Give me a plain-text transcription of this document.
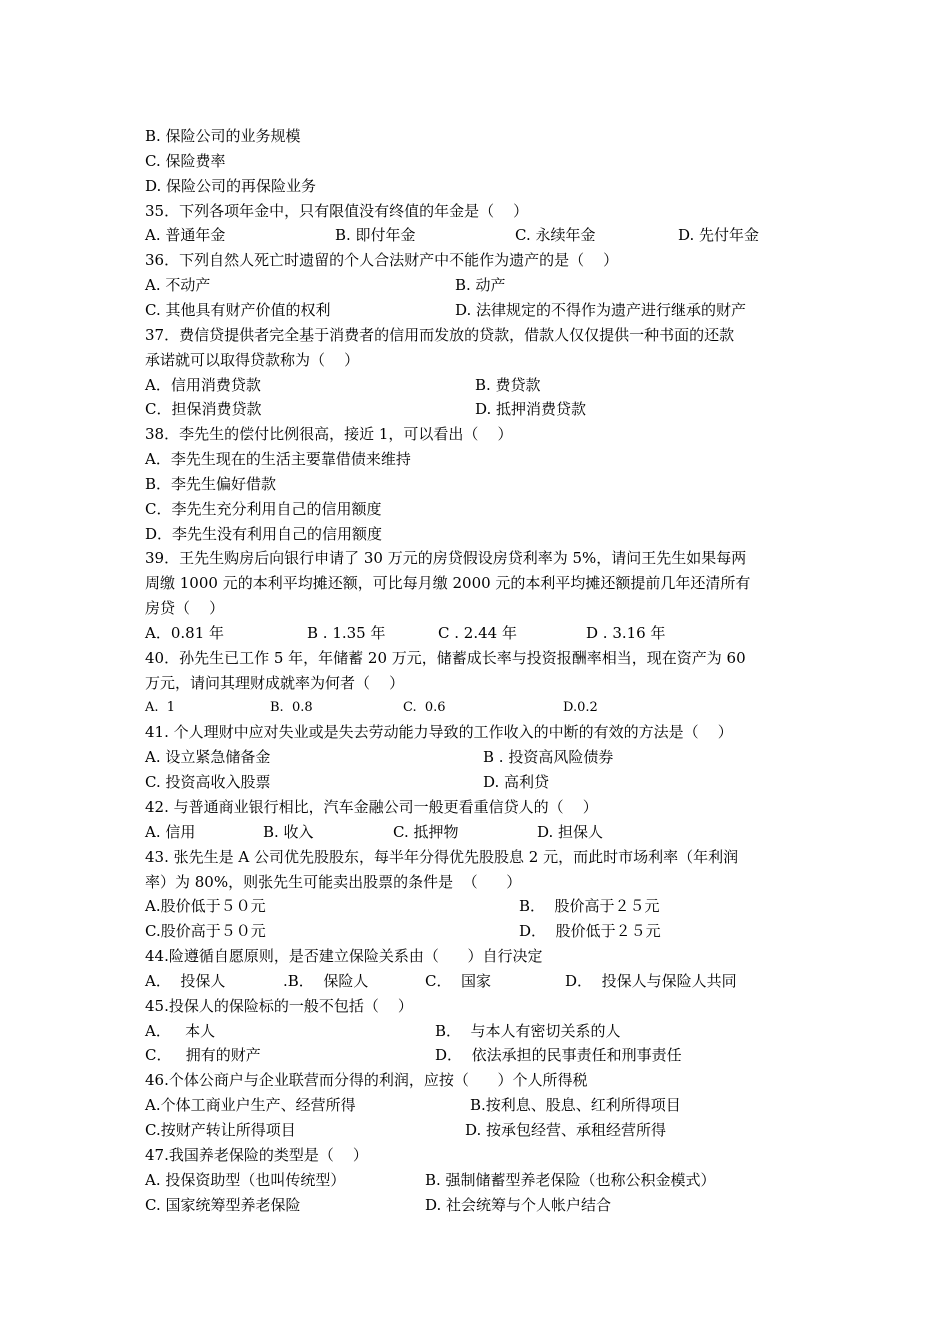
B. 保险公司的业务规模
C. 保险费率
D. 保险公司的再保险业务
35．下列各项年金中，只有限值没有终值的年金是（    ）
A. 普通年金	B. 即付年金	C. 永续年金	D. 先付年金
36．下列自然人死亡时遗留的个人合法财产中不能作为遗产的是（    ）
A. 不动产	B. 动产
C. 其他具有财产价值的权利	D. 法律规定的不得作为遗产进行继承的财产
37．费信贷提供者完全基于消费者的信用而发放的贷款，借款人仅仅提供一种书面的还款
承诺就可以取得贷款称为（    ）
A．信用消费贷款	B. 费贷款
C．担保消费贷款	D. 抵押消费贷款
38．李先生的偿付比例很高，接近 1，可以看出（    ）
A．李先生现在的生活主要靠借债来维持
B．李先生偏好借款
C．李先生充分利用自己的信用额度
D．李先生没有利用自己的信用额度
39．王先生购房后向银行申请了 30 万元的房贷假设房贷利率为 5%，请问王先生如果每两
周缴 1000 元的本利平均摊还额，可比每月缴 2000 元的本利平均摊还额提前几年还清所有
房贷（    ）
A．0.81 年	B . 1.35 年	C . 2.44 年	D . 3.16 年
40．孙先生已工作 5 年，年储蓄 20 万元，储蓄成长率与投资报酬率相当，现在资产为 60
万元，请问其理财成就率为何者（    ）
A.  1	B.  0.8	C.  0.6	D.0.2
41. 个人理财中应对失业或是失去劳动能力导致的工作收入的中断的有效的方法是（    ）
A. 设立紧急储备金	B . 投资高风险债券
C. 投资高收入股票	D. 高利贷
42. 与普通商业银行相比，汽车金融公司一般更看重信贷人的（    ）
A. 信用	B. 收入	C. 抵押物	D. 担保人
43. 张先生是 A 公司优先股股东，每半年分得优先股股息 2 元，而此时市场利率（年利润
率）为 80%，则张先生可能卖出股票的条件是  （      ）
A.股价低于５０元	B．  股价高于２５元
C.股价高于５０元	D．  股价低于２５元
44.险遵循自愿原则，是否建立保险关系由（      ）自行决定
A．  投保人	.B．  保险人	C．  国家	D．  投保人与保险人共同
45.投保人的保险标的一般不包括（    ）
A．   本人	B．  与本人有密切关系的人
C．   拥有的财产	D．  依法承担的民事责任和刑事责任
46.个体公商户与企业联营而分得的利润，应按（      ）个人所得税
A.个体工商业户生产、经营所得	B.按利息、股息、红利所得项目
C.按财产转让所得项目	D. 按承包经营、承租经营所得
47.我国养老保险的类型是（    ）
A. 投保资助型（也叫传统型）	B. 强制储蓄型养老保险（也称公积金模式）
C. 国家统筹型养老保险	D. 社会统筹与个人帐户结合
